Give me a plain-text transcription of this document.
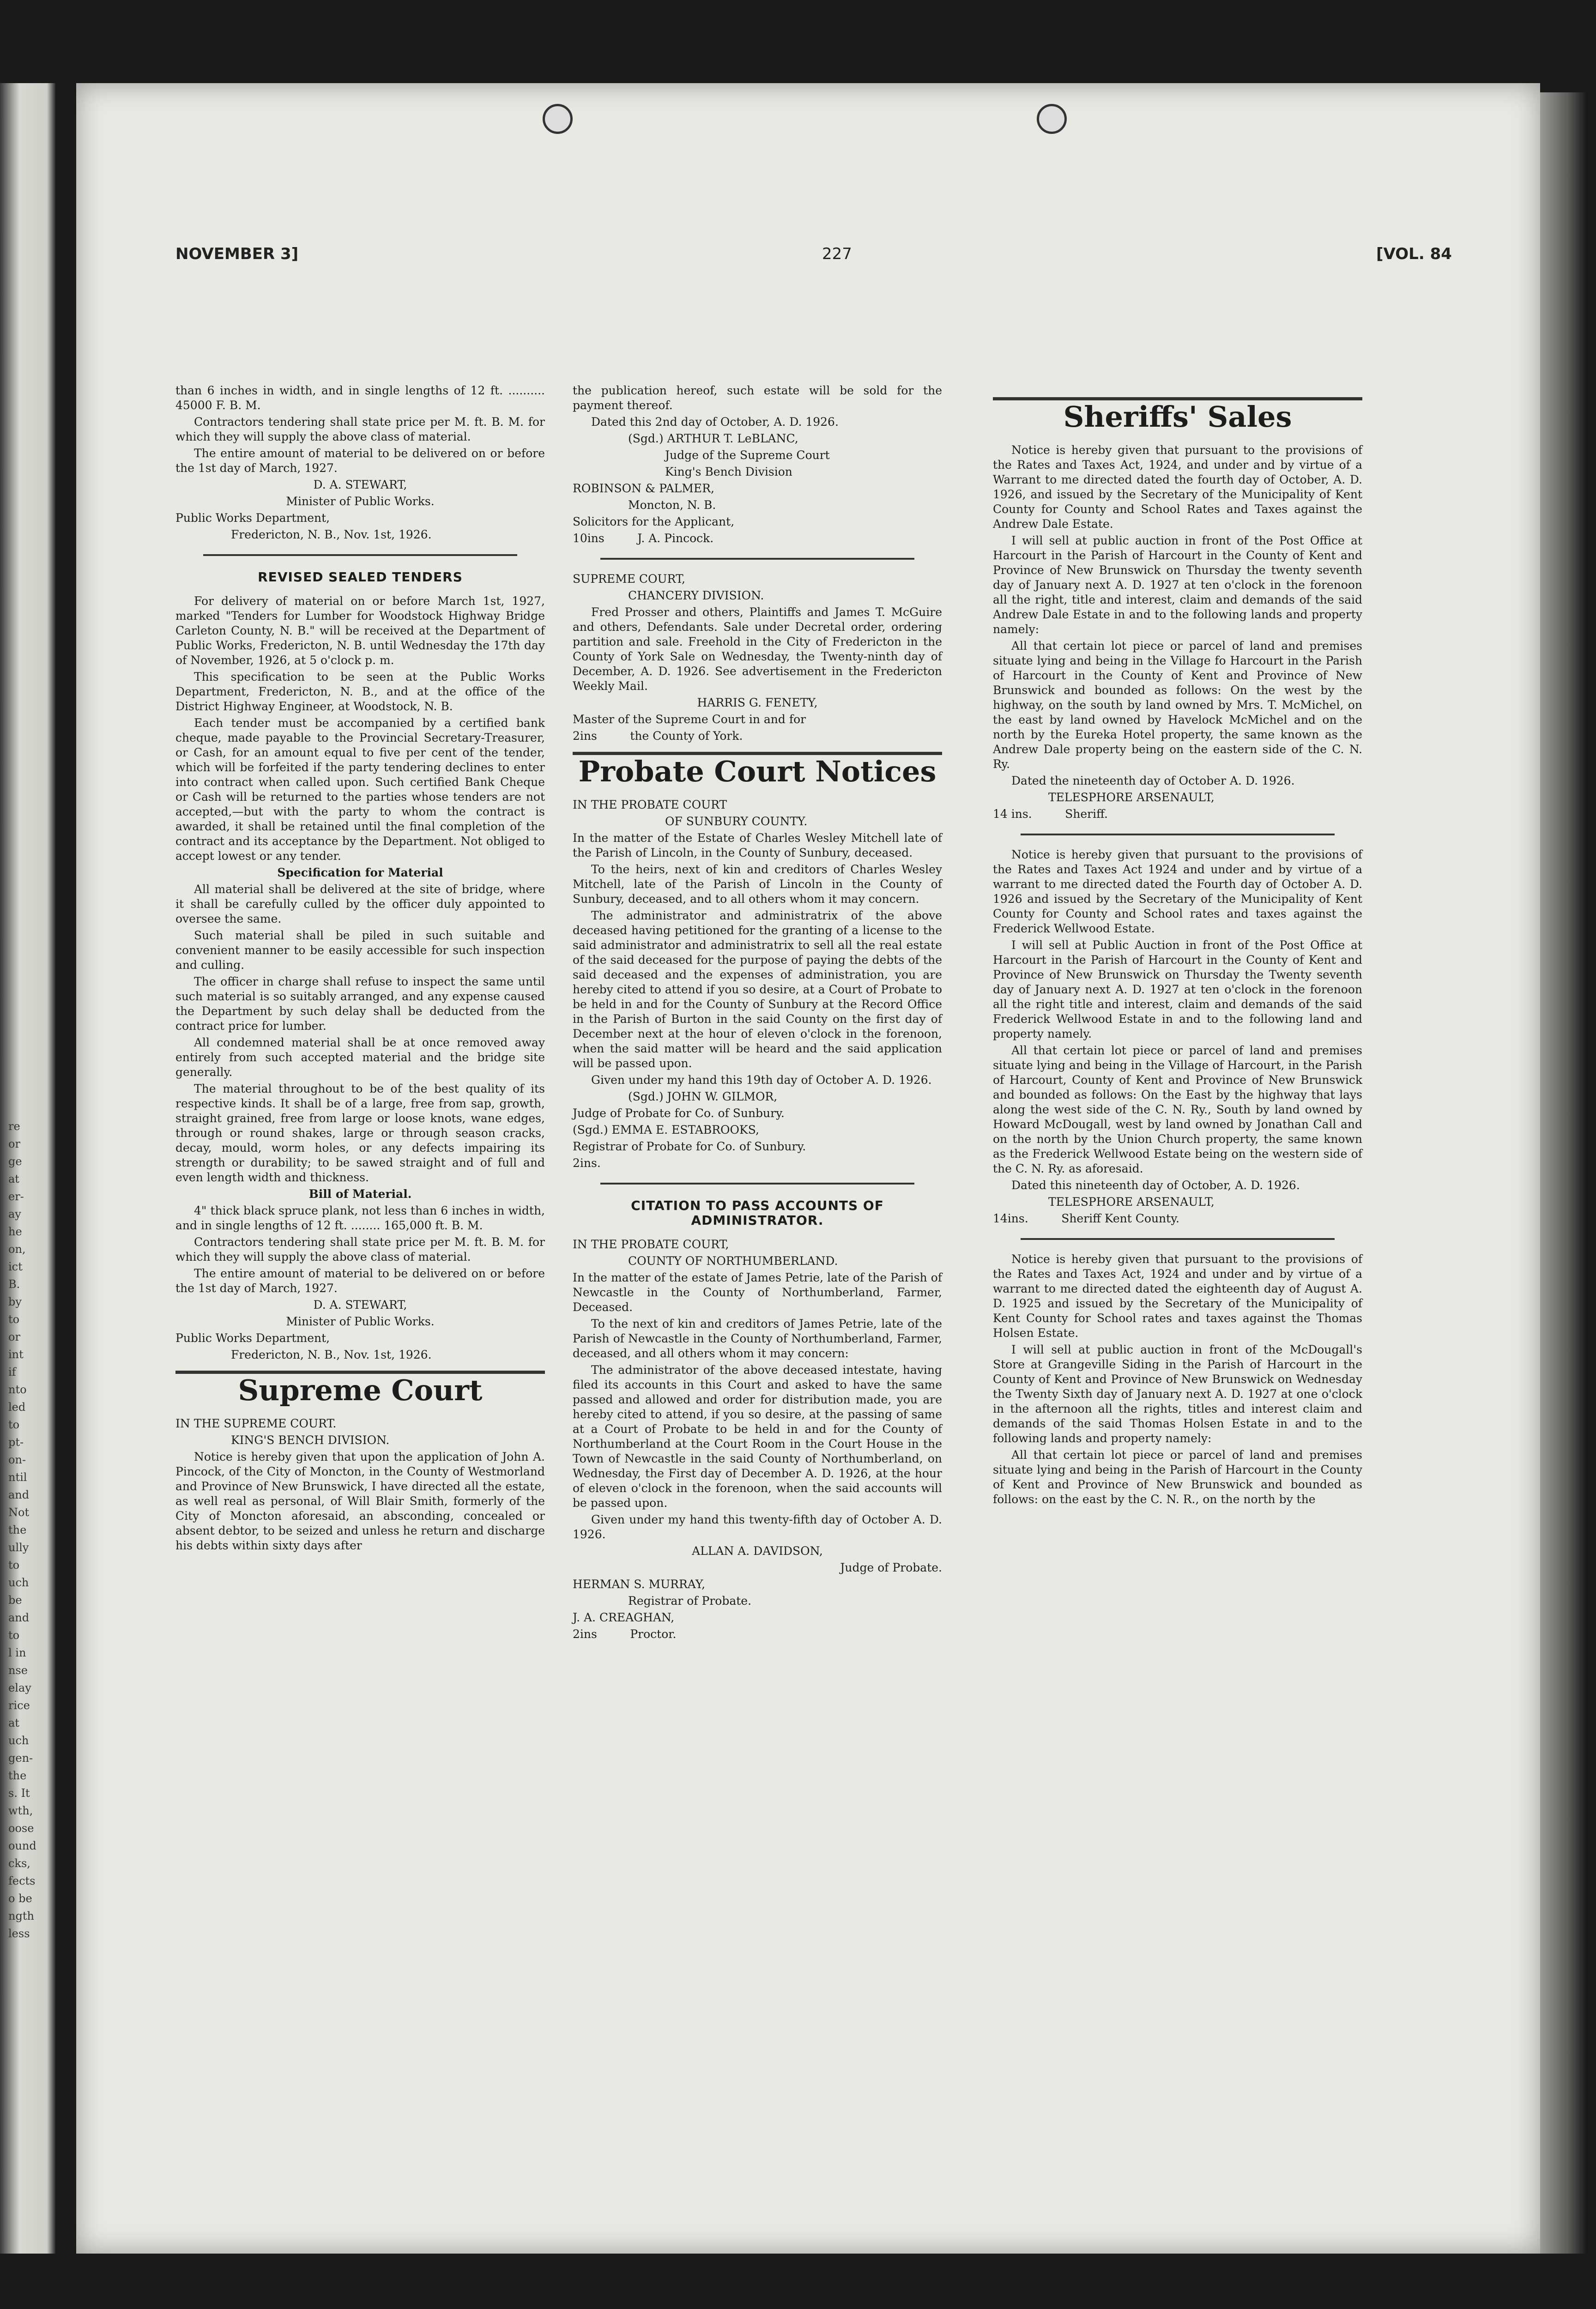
re
or
ge
at
er-
ay
he
on,
ict
B.
by
to
or
int
if
nto
led
to
pt-
on-
ntil
and
Not
the
ully
to
uch
be
and
to
l in
nse
elay
rice
at
uch
gen-
the
s. It
wth,
oose
ound
cks,
fects
o be
ngth
less
NOVEMBER 3]	227	[VOL. 84

than 6 inches in width, and in single lengths of 12 ft. .......... 45000 F. B. M.

Contractors tendering shall state price per M. ft. B. M. for which they will supply the above class of material.

The entire amount of material to be delivered on or before the 1st day of March, 1927.

D. A. STEWART,

Minister of Public Works.

Public Works Department,

Fredericton, N. B., Nov. 1st, 1926.

REVISED SEALED TENDERS

For delivery of material on or before March 1st, 1927, marked "Tenders for Lumber for Woodstock Highway Bridge Carleton County, N. B." will be received at the Department of Public Works, Fredericton, N. B. until Wednesday the 17th day of November, 1926, at 5 o'clock p. m.

This specification to be seen at the Public Works Department, Fredericton, N. B., and at the office of the District Highway Engineer, at Woodstock, N. B.

Each tender must be accompanied by a certified bank cheque, made payable to the Provincial Secretary-Treasurer, or Cash, for an amount equal to five per cent of the tender, which will be forfeited if the party tendering declines to enter into contract when called upon. Such certified Bank Cheque or Cash will be returned to the parties whose tenders are not accepted,—but with the party to whom the contract is awarded, it shall be retained until the final completion of the contract and its acceptance by the Department. Not obliged to accept lowest or any tender.

Specification for Material

All material shall be delivered at the site of bridge, where it shall be carefully culled by the officer duly appointed to oversee the same.

Such material shall be piled in such suitable and convenient manner to be easily accessible for such inspection and culling.

The officer in charge shall refuse to inspect the same until such material is so suitably arranged, and any expense caused the Department by such delay shall be deducted from the contract price for lumber.

All condemned material shall be at once removed away entirely from such accepted material and the bridge site generally.

The material throughout to be of the best quality of its respective kinds. It shall be of a large, free from sap, growth, straight grained, free from large or loose knots, wane edges, through or round shakes, large or through season cracks, decay, mould, worm holes, or any defects impairing its strength or durability; to be sawed straight and of full and even length width and thickness.

Bill of Material.

4" thick black spruce plank, not less than 6 inches in width, and in single lengths of 12 ft. ........ 165,000 ft. B. M.

Contractors tendering shall state price per M. ft. B. M. for which they will supply the above class of material.

The entire amount of material to be delivered on or before the 1st day of March, 1927.

D. A. STEWART,

Minister of Public Works.

Public Works Department,

Fredericton, N. B., Nov. 1st, 1926.

Supreme Court

IN THE SUPREME COURT.

KING'S BENCH DIVISION.

Notice is hereby given that upon the application of John A. Pincock, of the City of Moncton, in the County of Westmorland and Province of New Brunswick, I have directed all the estate, as well real as personal, of Will Blair Smith, formerly of the City of Moncton aforesaid, an absconding, concealed or absent debtor, to be seized and unless he return and discharge his debts within sixty days after

the publication hereof, such estate will be sold for the payment thereof.

Dated this 2nd day of October, A. D. 1926.

(Sgd.) ARTHUR T. LeBLANC,

Judge of the Supreme Court

King's Bench Division

ROBINSON & PALMER,

Moncton, N. B.

Solicitors for the Applicant,

10ins         J. A. Pincock.

SUPREME COURT,

CHANCERY DIVISION.

Fred Prosser and others, Plaintiffs and James T. McGuire and others, Defendants. Sale under Decretal order, ordering partition and sale. Freehold in the City of Fredericton in the County of York Sale on Wednesday, the Twenty-ninth day of December, A. D. 1926. See advertisement in the Fredericton Weekly Mail.

HARRIS G. FENETY,

Master of the Supreme Court in and for

2ins         the County of York.

Probate Court Notices

IN THE PROBATE COURT

OF SUNBURY COUNTY.

In the matter of the Estate of Charles Wesley Mitchell late of the Parish of Lincoln, in the County of Sunbury, deceased.

To the heirs, next of kin and creditors of Charles Wesley Mitchell, late of the Parish of Lincoln in the County of Sunbury, deceased, and to all others whom it may concern.

The administrator and administratrix of the above deceased having petitioned for the granting of a license to the said administrator and administratrix to sell all the real estate of the said deceased for the purpose of paying the debts of the said deceased and the expenses of administration, you are hereby cited to attend if you so desire, at a Court of Probate to be held in and for the County of Sunbury at the Record Office in the Parish of Burton in the said County on the first day of December next at the hour of eleven o'clock in the forenoon, when the said matter will be heard and the said application will be passed upon.

Given under my hand this 19th day of October A. D. 1926.

(Sgd.) JOHN W. GILMOR,

Judge of Probate for Co. of Sunbury.

(Sgd.) EMMA E. ESTABROOKS,

Registrar of Probate for Co. of Sunbury.

2ins.

CITATION TO PASS ACCOUNTS OF ADMINISTRATOR.

IN THE PROBATE COURT,

COUNTY OF NORTHUMBERLAND.

In the matter of the estate of James Petrie, late of the Parish of Newcastle in the County of Northumberland, Farmer, Deceased.

To the next of kin and creditors of James Petrie, late of the Parish of Newcastle in the County of Northumberland, Farmer, deceased, and all others whom it may concern:

The administrator of the above deceased intestate, having filed its accounts in this Court and asked to have the same passed and allowed and order for distribution made, you are hereby cited to attend, if you so desire, at the passing of same at a Court of Probate to be held in and for the County of Northumberland at the Court Room in the Court House in the Town of Newcastle in the said County of Northumberland, on Wednesday, the First day of December A. D. 1926, at the hour of eleven o'clock in the forenoon, when the said accounts will be passed upon.

Given under my hand this twenty-fifth day of October A. D. 1926.

ALLAN A. DAVIDSON,

Judge of Probate.

HERMAN S. MURRAY,

Registrar of Probate.

J. A. CREAGHAN,

2ins         Proctor.

Sheriffs' Sales

Notice is hereby given that pursuant to the provisions of the Rates and Taxes Act, 1924, and under and by virtue of a Warrant to me directed dated the fourth day of October, A. D. 1926, and issued by the Secretary of the Municipality of Kent County for County and School Rates and Taxes against the Andrew Dale Estate.

I will sell at public auction in front of the Post Office at Harcourt in the Parish of Harcourt in the County of Kent and Province of New Brunswick on Thursday the twenty seventh day of January next A. D. 1927 at ten o'clock in the forenoon all the right, title and interest, claim and demands of the said Andrew Dale Estate in and to the following lands and property namely:

All that certain lot piece or parcel of land and premises situate lying and being in the Village fo Harcourt in the Parish of Harcourt in the County of Kent and Province of New Brunswick and bounded as follows: On the west by the highway, on the south by land owned by Mrs. T. McMichel, on the east by land owned by Havelock McMichel and on the north by the Eureka Hotel property, the same known as the Andrew Dale property being on the eastern side of the C. N. Ry.

Dated the nineteenth day of October A. D. 1926.

TELESPHORE ARSENAULT,

14 ins.         Sheriff.

Notice is hereby given that pursuant to the provisions of the Rates and Taxes Act 1924 and under and by virtue of a warrant to me directed dated the Fourth day of October A. D. 1926 and issued by the Secretary of the Municipality of Kent County for County and School rates and taxes against the Frederick Wellwood Estate.

I will sell at Public Auction in front of the Post Office at Harcourt in the Parish of Harcourt in the County of Kent and Province of New Brunswick on Thursday the Twenty seventh day of January next A. D. 1927 at ten o'clock in the forenoon all the right title and interest, claim and demands of the said Frederick Wellwood Estate in and to the following land and property namely.

All that certain lot piece or parcel of land and premises situate lying and being in the Village of Harcourt, in the Parish of Harcourt, County of Kent and Province of New Brunswick and bounded as follows: On the East by the highway that lays along the west side of the C. N. Ry., South by land owned by Howard McDougall, west by land owned by Jonathan Call and on the north by the Union Church property, the same known as the Frederick Wellwood Estate being on the western side of the C. N. Ry. as aforesaid.

Dated this nineteenth day of October, A. D. 1926.

TELESPHORE ARSENAULT,

14ins.         Sheriff Kent County.

Notice is hereby given that pursuant to the provisions of the Rates and Taxes Act, 1924 and under and by virtue of a warrant to me directed dated the eighteenth day of August A. D. 1925 and issued by the Secretary of the Municipality of Kent County for School rates and taxes against the Thomas Holsen Estate.

I will sell at public auction in front of the McDougall's Store at Grangeville Siding in the Parish of Harcourt in the County of Kent and Province of New Brunswick on Wednesday the Twenty Sixth day of January next A. D. 1927 at one o'clock in the afternoon all the rights, titles and interest claim and demands of the said Thomas Holsen Estate in and to the following lands and property namely:

All that certain lot piece or parcel of land and premises situate lying and being in the Parish of Harcourt in the County of Kent and Province of New Brunswick and bounded as follows: on the east by the C. N. R., on the north by the
